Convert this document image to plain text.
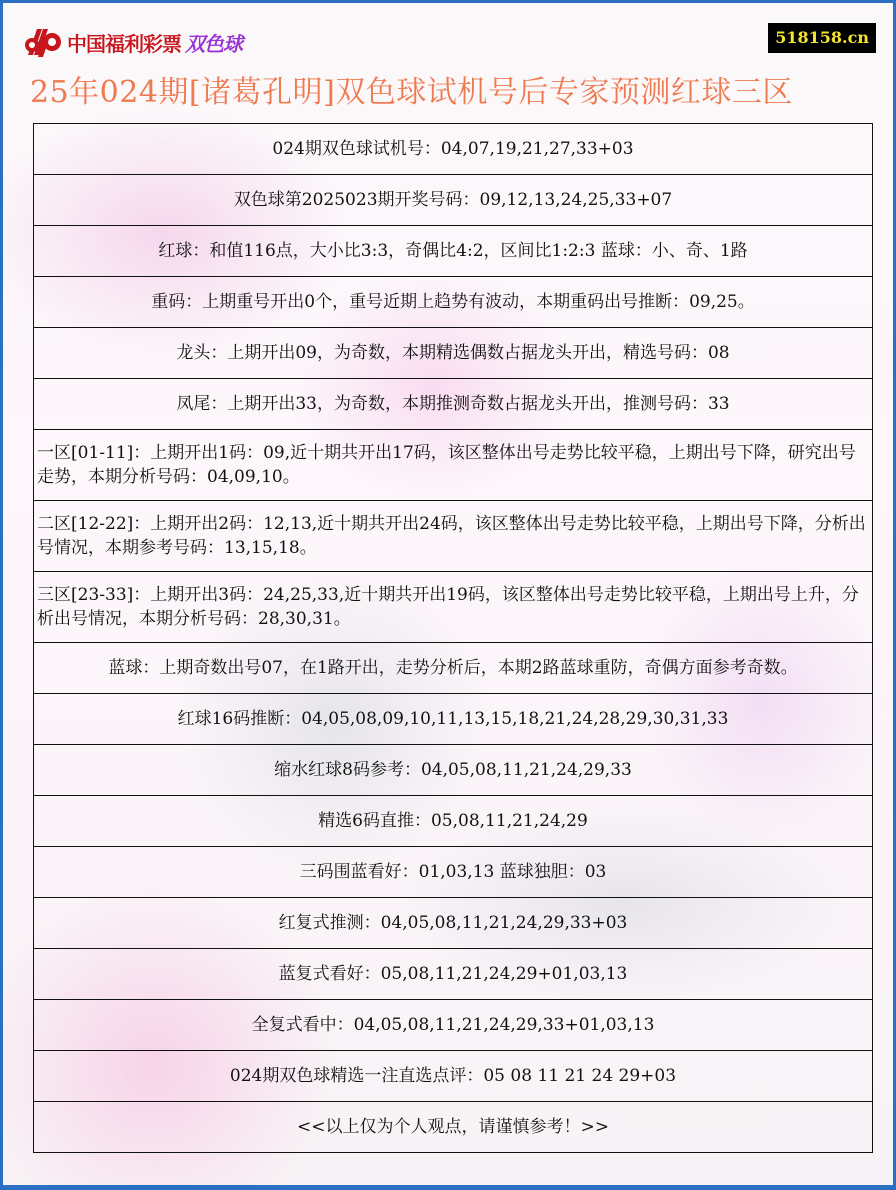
中国福利彩票 双色球	518158.cn
25年024期[诸葛孔明]双色球试机号后专家预测红球三区
024期双色球试机号：04,07,19,21,27,33+03
双色球第2025023期开奖号码：09,12,13,24,25,33+07
红球：和值116点，大小比3:3，奇偶比4:2，区间比1:2:3 蓝球：小、奇、1路
重码：上期重号开出0个，重号近期上趋势有波动，本期重码出号推断：09,25。
龙头：上期开出09，为奇数，本期精选偶数占据龙头开出，精选号码：08
凤尾：上期开出33，为奇数，本期推测奇数占据龙头开出，推测号码：33
一区[01-11]：上期开出1码：09,近十期共开出17码，该区整体出号走势比较平稳，上期出号下降，研究出号走势，本期分析号码：04,09,10。
二区[12-22]：上期开出2码：12,13,近十期共开出24码，该区整体出号走势比较平稳，上期出号下降，分析出号情况，本期参考号码：13,15,18。
三区[23-33]：上期开出3码：24,25,33,近十期共开出19码，该区整体出号走势比较平稳，上期出号上升，分析出号情况，本期分析号码：28,30,31。
蓝球：上期奇数出号07，在1路开出，走势分析后，本期2路蓝球重防，奇偶方面参考奇数。
红球16码推断：04,05,08,09,10,11,13,15,18,21,24,28,29,30,31,33
缩水红球8码参考：04,05,08,11,21,24,29,33
精选6码直推：05,08,11,21,24,29
三码围蓝看好：01,03,13 蓝球独胆：03
红复式推测：04,05,08,11,21,24,29,33+03
蓝复式看好：05,08,11,21,24,29+01,03,13
全复式看中：04,05,08,11,21,24,29,33+01,03,13
024期双色球精选一注直选点评：05 08 11 21 24 29+03
<<以上仅为个人观点，请谨慎参考！>>
